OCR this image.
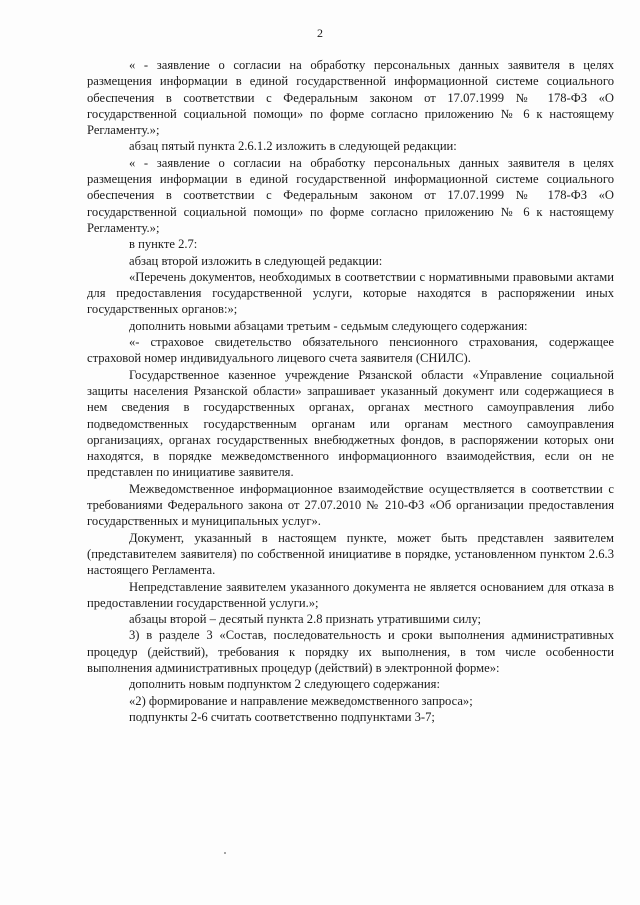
2

« - заявление о согласии на обработку персональных данных заявителя в целях размещения информации в единой государственной информационной системе социального обеспечения в соответствии с Федеральным законом от 17.07.1999 № 178-ФЗ «О государственной социальной помощи» по форме согласно приложению № 6 к настоящему Регламенту.»;

абзац пятый пункта 2.6.1.2 изложить в следующей редакции:

« - заявление о согласии на обработку персональных данных заявителя в целях размещения информации в единой государственной информационной системе социального обеспечения в соответствии с Федеральным законом от 17.07.1999 № 178-ФЗ «О государственной социальной помощи» по форме согласно приложению № 6 к настоящему Регламенту.»;

в пункте 2.7:

абзац второй изложить в следующей редакции:

«Перечень документов, необходимых в соответствии с нормативными правовыми актами для предоставления государственной услуги, которые находятся в распоряжении иных государственных органов:»;

дополнить новыми абзацами третьим - седьмым следующего содержания:

«- страховое свидетельство обязательного пенсионного страхования, содержащее страховой номер индивидуального лицевого счета заявителя (СНИЛС).

Государственное казенное учреждение Рязанской области «Управление социальной защиты населения Рязанской области» запрашивает указанный документ или содержащиеся в нем сведения в государственных органах, органах местного самоуправления либо подведомственных государственным органам или органам местного самоуправления организациях, органах государственных внебюджетных фондов, в распоряжении которых они находятся, в порядке межведомственного информационного взаимодействия, если он не представлен по инициативе заявителя.

Межведомственное информационное взаимодействие осуществляется в соответствии с требованиями Федерального закона от 27.07.2010 № 210-ФЗ «Об организации предоставления государственных и муниципальных услуг».

Документ, указанный в настоящем пункте, может быть представлен заявителем (представителем заявителя) по собственной инициативе в порядке, установленном пунктом 2.6.3 настоящего Регламента.

Непредставление заявителем указанного документа не является основанием для отказа в предоставлении государственной услуги.»;

абзацы второй – десятый пункта 2.8 признать утратившими силу;

3) в разделе 3 «Состав, последовательность и сроки выполнения административных процедур (действий), требования к порядку их выполнения, в том числе особенности выполнения административных процедур (действий) в электронной форме»:

дополнить новым подпунктом 2 следующего содержания:

«2) формирование и направление межведомственного запроса»;

подпункты 2-6 считать соответственно подпунктами 3-7;
